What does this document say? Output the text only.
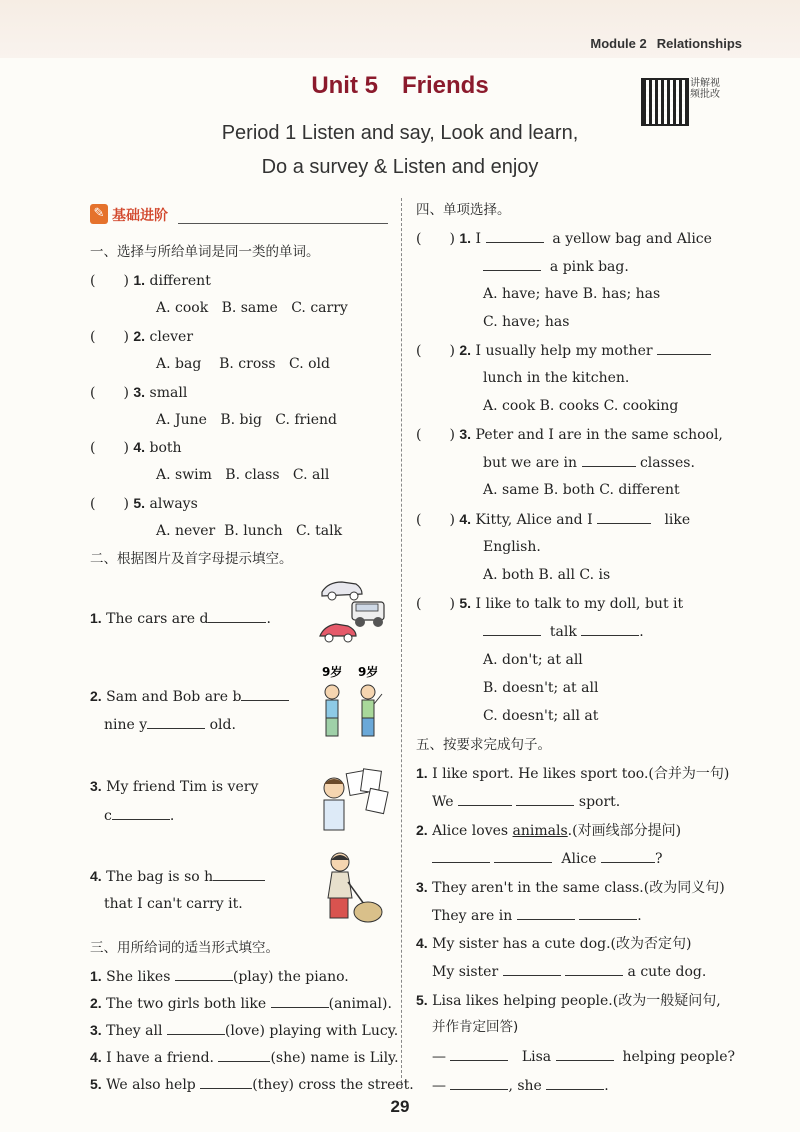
Module 2 Relationships
Unit 5 Friends	讲解视频批改
Period 1 Listen and say, Look and learn,
Do a survey & Listen and enjoy
✎ 基础进阶
一、选择与所给单词是同一类的单词。
( ) 1. different
A. cook B. same C. carry
( ) 2. clever
A. bag B. cross C. old
( ) 3. small
A. June B. big C. friend
( ) 4. both
A. swim B. class C. all
( ) 5. always
A. never B. lunch C. talk
二、根据图片及首字母提示填空。
1. The cars are d	.
2. Sam and Bob are b
nine y	old.
9岁 9岁
3. My friend Tim is very
c	.
4. The bag is so h
that I can't carry it.
三、用所给词的适当形式填空。
1. She likes	(play) the piano.
2. The two girls both like	(animal).
3. They all	(love) playing with Lucy.
4. I have a friend.	(she) name is Lily.
5. We also help	(they) cross the street.
四、单项选择。
( ) 1. I	a yellow bag and Alice
a pink bag.
A. have; have B. has; has
C. have; has
( ) 2. I usually help my mother
lunch in the kitchen.
A. cook B. cooks C. cooking
( ) 3. Peter and I are in the same school,
but we are in	classes.
A. same B. both C. different
( ) 4. Kitty, Alice and I	like
English.
A. both B. all C. is
( ) 5. I like to talk to my doll, but it
talk	.
A. don't; at all
B. doesn't; at all
C. doesn't; all at
五、按要求完成句子。
1. I like sport. He likes sport too.(合并为一句)
We	sport.
2. Alice loves animals.(对画线部分提问)
Alice	?
3. They aren't in the same class.(改为同义句)
They are in	.
4. My sister has a cute dog.(改为否定句)
My sister	a cute dog.
5. Lisa likes helping people.(改为一般疑问句,
并作肯定回答)
—	Lisa	helping people?
—	, she	.
29
